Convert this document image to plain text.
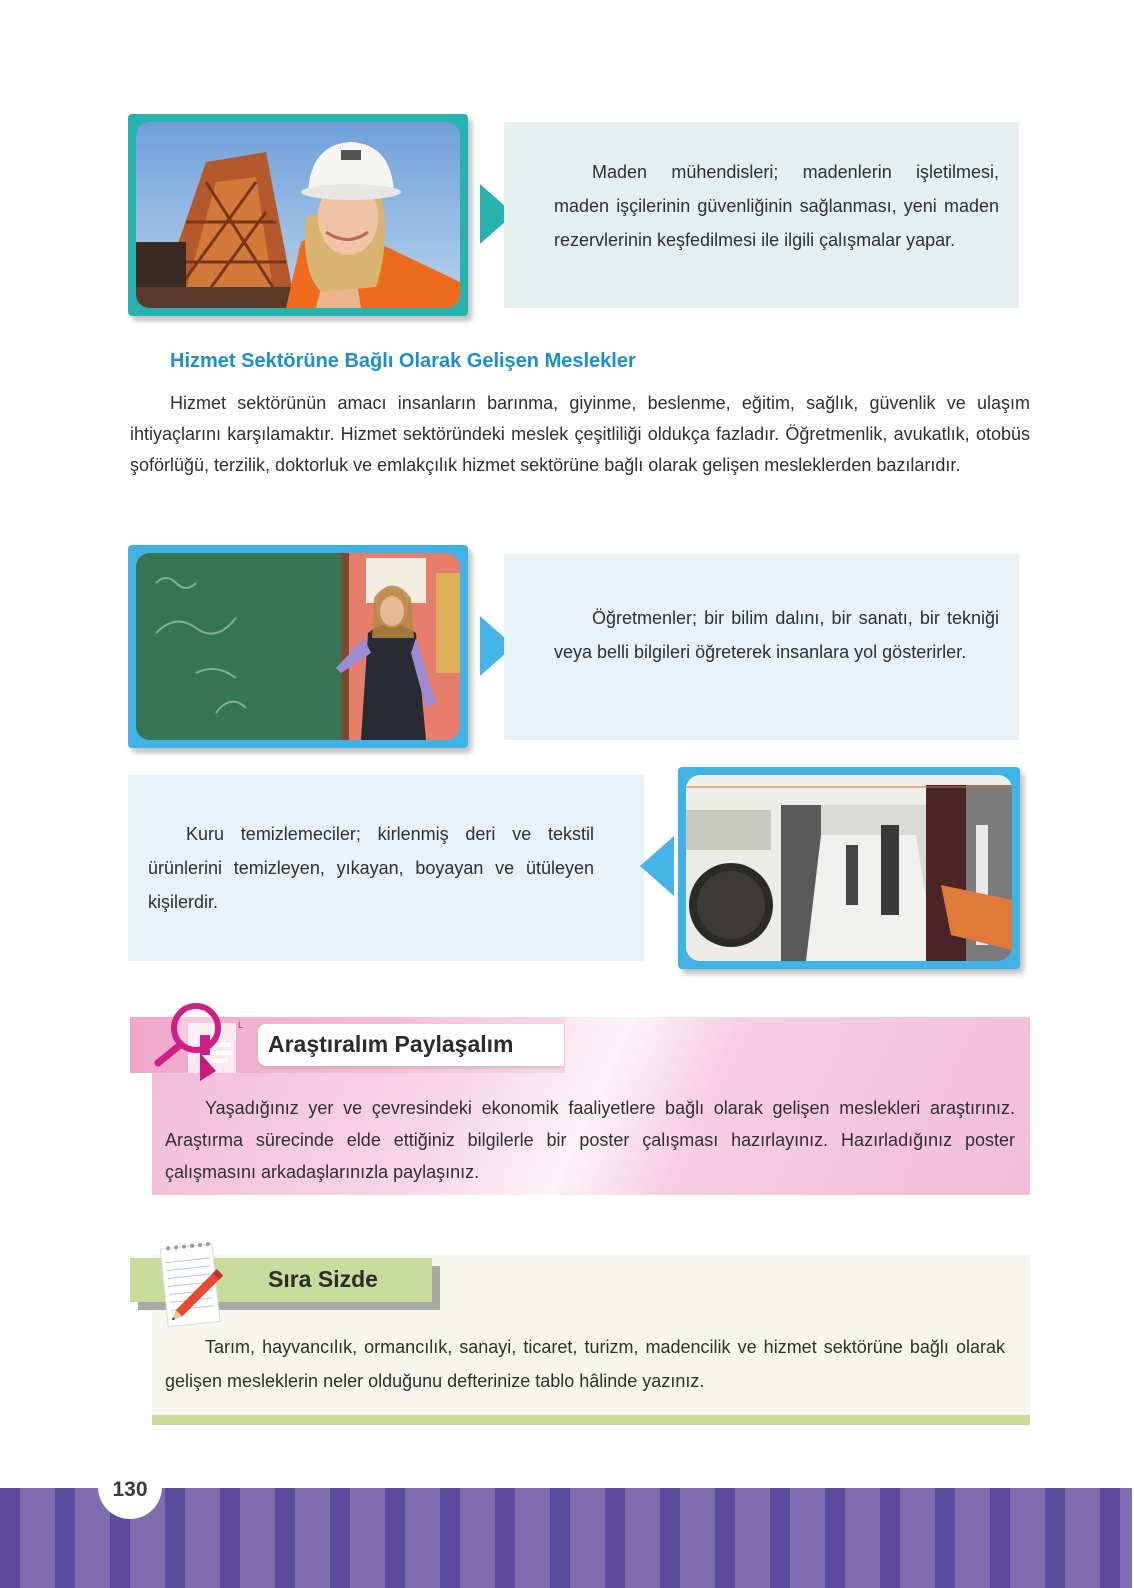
Maden mühendisleri; madenlerin işletilmesi, maden işçilerinin güvenliğinin sağlanması, yeni maden rezervlerinin keşfedilmesi ile ilgili çalışmalar yapar.

Hizmet Sektörüne Bağlı Olarak Gelişen Meslekler

Hizmet sektörünün amacı insanların barınma, giyinme, beslenme, eğitim, sağlık, güvenlik ve ulaşım ihtiyaçlarını karşılamaktır. Hizmet sektöründeki meslek çeşitliliği oldukça fazladır. Öğretmenlik, avukatlık, otobüs şoförlüğü, terzilik, doktorluk ve emlakçılık hizmet sektörüne bağlı olarak gelişen mesleklerden bazılarıdır.

Öğretmenler; bir bilim dalını, bir sanatı, bir tekniği veya belli bilgileri öğreterek insanlara yol gösterirler.

Kuru temizlemeciler; kirlenmiş deri ve tekstil ürünlerini temizleyen, yıkayan, boyayan ve ütüleyen kişilerdir.

L
Araştıralım Paylaşalım

Yaşadığınız yer ve çevresindeki ekonomik faaliyetlere bağlı olarak gelişen meslekleri araştırınız. Araştırma sürecinde elde ettiğiniz bilgilerle bir poster çalışması hazırlayınız. Hazırladığınız poster çalışmasını arkadaşlarınızla paylaşınız.

Sıra Sizde

Tarım, hayvancılık, ormancılık, sanayi, ticaret, turizm, madencilik ve hizmet sektörüne bağlı olarak gelişen mesleklerin neler olduğunu defterinize tablo hâlinde yazınız.

130
